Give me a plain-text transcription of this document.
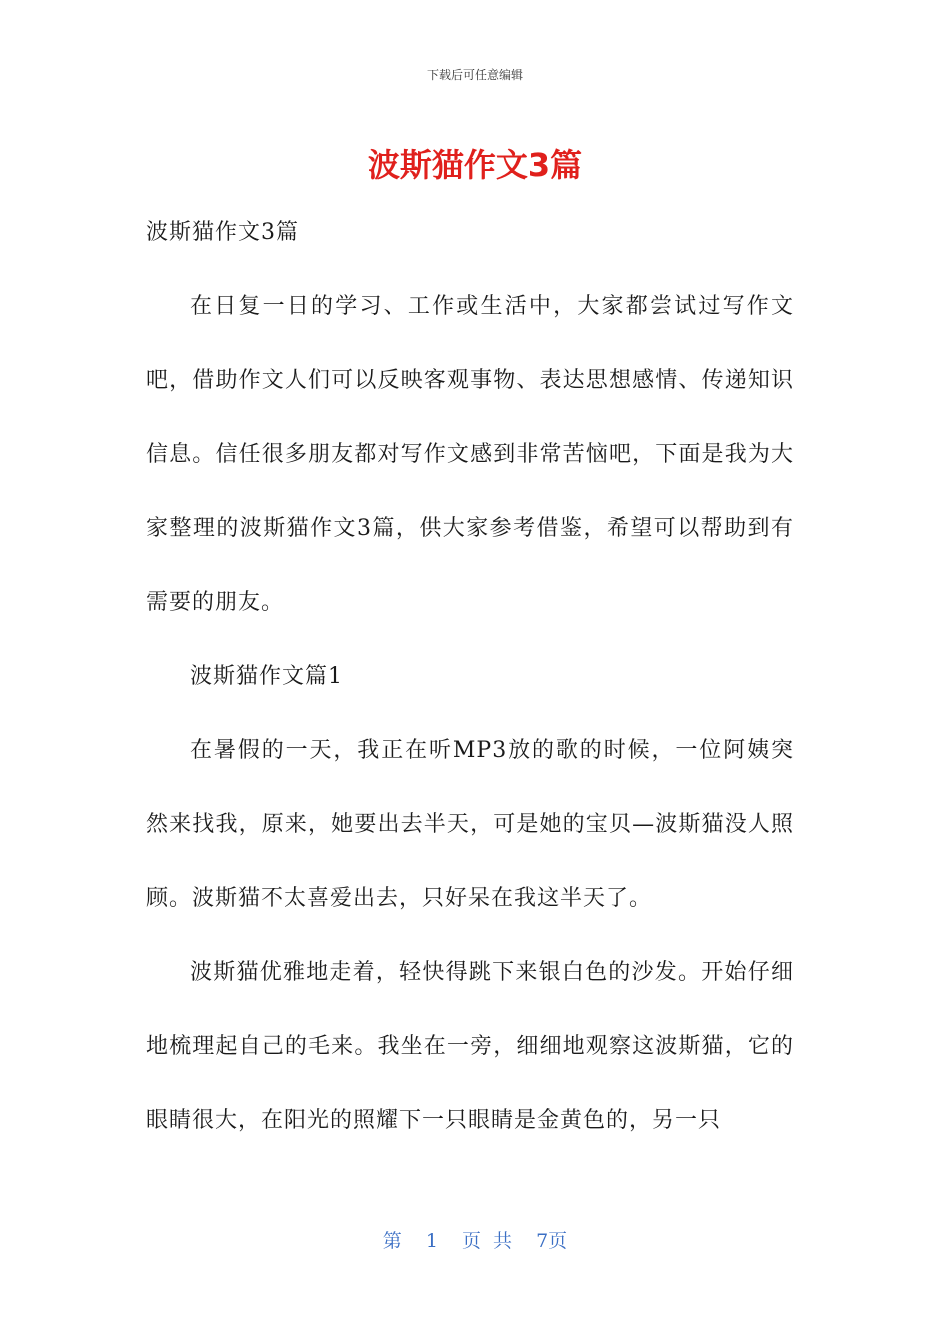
下载后可任意编辑
波斯猫作文3篇

波斯猫作文3篇

在日复一日的学习、工作或生活中，大家都尝试过写作文吧，借助作文人们可以反映客观事物、表达思想感情、传递知识信息。信任很多朋友都对写作文感到非常苦恼吧，下面是我为大家整理的波斯猫作文3篇，供大家参考借鉴，希望可以帮助到有需要的朋友。

波斯猫作文篇1

在暑假的一天，我正在听MP3放的歌的时候，一位阿姨突然来找我，原来，她要出去半天，可是她的宝贝—波斯猫没人照顾。波斯猫不太喜爱出去，只好呆在我这半天了。

波斯猫优雅地走着，轻快得跳下来银白色的沙发。开始仔细地梳理起自己的毛来。我坐在一旁，细细地观察这波斯猫，它的眼睛很大，在阳光的照耀下一只眼睛是金黄色的，另一只

第 1 页 共 7页
